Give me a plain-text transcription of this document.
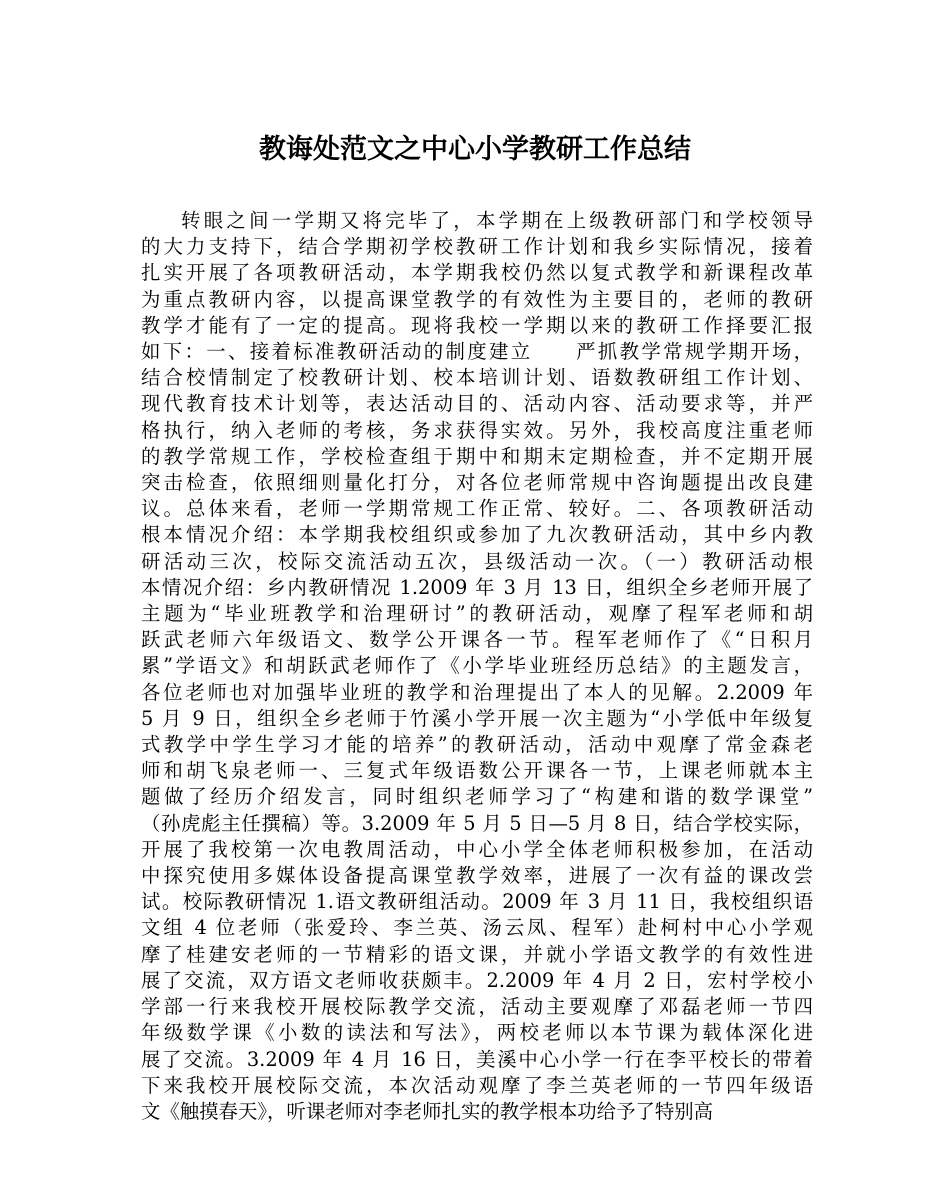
教诲处范文之中心小学教研工作总结
转眼之间一学期又将完毕了，本学期在上级教研部门和学校领导
的大力支持下，结合学期初学校教研工作计划和我乡实际情况，接着
扎实开展了各项教研活动，本学期我校仍然以复式教学和新课程改革
为重点教研内容，以提高课堂教学的有效性为主要目的，老师的教研
教学才能有了一定的提高。现将我校一学期以来的教研工作择要汇报
如下：一、接着标准教研活动的制度建立　　严抓教学常规学期开场，
结合校情制定了校教研计划、校本培训计划、语数教研组工作计划、
现代教育技术计划等，表达活动目的、活动内容、活动要求等，并严
格执行，纳入老师的考核，务求获得实效。另外，我校高度注重老师
的教学常规工作，学校检查组于期中和期末定期检查，并不定期开展
突击检查，依照细则量化打分，对各位老师常规中咨询题提出改良建
议。总体来看，老师一学期常规工作正常、较好。二、各项教研活动
根本情况介绍：本学期我校组织或参加了九次教研活动，其中乡内教
研活动三次，校际交流活动五次，县级活动一次。（一）教研活动根
本情况介绍：乡内教研情况 1.2009 年 3 月 13 日，组织全乡老师开展了
主题为“毕业班教学和治理研讨”的教研活动，观摩了程军老师和胡
跃武老师六年级语文、数学公开课各一节。程军老师作了《“日积月
累”学语文》和胡跃武老师作了《小学毕业班经历总结》的主题发言，
各位老师也对加强毕业班的教学和治理提出了本人的见解。2.2009 年
5 月 9 日，组织全乡老师于竹溪小学开展一次主题为“小学低中年级复
式教学中学生学习才能的培养”的教研活动，活动中观摩了常金森老
师和胡飞泉老师一、三复式年级语数公开课各一节，上课老师就本主
题做了经历介绍发言，同时组织老师学习了“构建和谐的数学课堂”
（孙虎彪主任撰稿）等。3.2009 年 5 月 5 日—5 月 8 日，结合学校实际，
开展了我校第一次电教周活动，中心小学全体老师积极参加，在活动
中探究使用多媒体设备提高课堂教学效率，进展了一次有益的课改尝
试。校际教研情况 1.语文教研组活动。2009 年 3 月 11 日，我校组织语
文组 4 位老师（张爱玲、李兰英、汤云凤、程军）赴柯村中心小学观
摩了桂建安老师的一节精彩的语文课，并就小学语文教学的有效性进
展了交流，双方语文老师收获颇丰。2.2009 年 4 月 2 日，宏村学校小
学部一行来我校开展校际教学交流，活动主要观摩了邓磊老师一节四
年级数学课《小数的读法和写法》，两校老师以本节课为载体深化进
展了交流。3.2009 年 4 月 16 日，美溪中心小学一行在李平校长的带着
下来我校开展校际交流，本次活动观摩了李兰英老师的一节四年级语
文《触摸春天》，听课老师对李老师扎实的教学根本功给予了特别高
